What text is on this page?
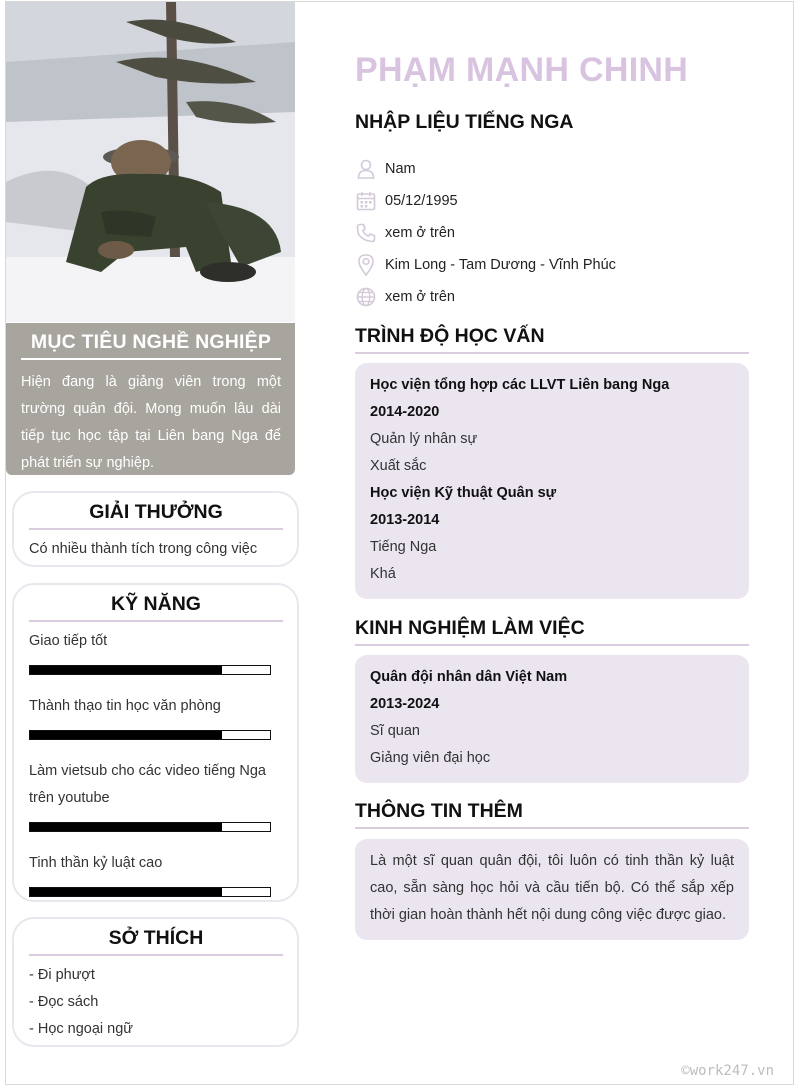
MỤC TIÊU NGHỀ NGHIỆP

Hiện đang là giảng viên trong một trường quân đội. Mong muốn lâu dài tiếp tục học tập tại Liên bang Nga để phát triển sự nghiệp.

GIẢI THƯỞNG
Có nhiều thành tích trong công việc
KỸ NĂNG
Giao tiếp tốt
Thành thạo tin học văn phòng
Làm vietsub cho các video tiếng Nga trên youtube
Tinh thần kỷ luật cao
SỞ THÍCH
- Đi phượt
- Đọc sách
- Học ngoại ngữ
PHẠM MẠNH CHINH
NHẬP LIỆU TIẾNG NGA
Nam
05/12/1995
xem ở trên
Kim Long - Tam Dương - Vĩnh Phúc
xem ở trên
TRÌNH ĐỘ HỌC VẤN
Học viện tổng hợp các LLVT Liên bang Nga
2014-2020
Quản lý nhân sự
Xuất sắc
Học viện Kỹ thuật Quân sự
2013-2014
Tiếng Nga
Khá
KINH NGHIỆM LÀM VIỆC
Quân đội nhân dân Việt Nam
2013-2024
Sĩ quan
Giảng viên đại học
THÔNG TIN THÊM

Là một sĩ quan quân đội, tôi luôn có tinh thần kỷ luật cao, sẵn sàng học hỏi và cầu tiến bộ. Có thể sắp xếp thời gian hoàn thành hết nội dung công việc được giao.

©work247.vn
